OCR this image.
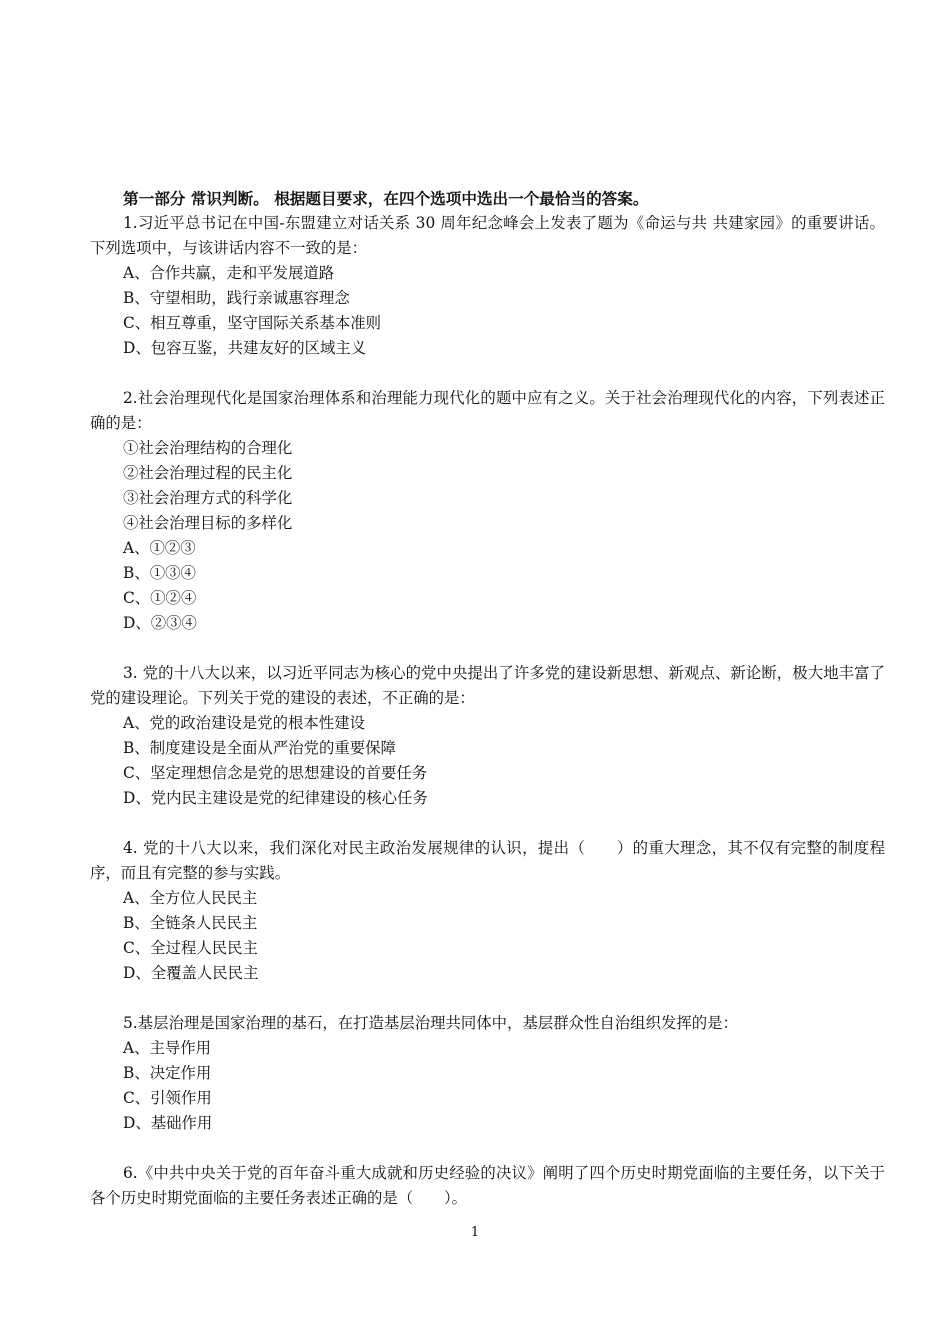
第一部分 常识判断。 根据题目要求，在四个选项中选出一个最恰当的答案。

1.习近平总书记在中国-东盟建立对话关系 30 周年纪念峰会上发表了题为《命运与共 共建家园》的重要讲话。下列选项中，与该讲话内容不一致的是：

A、合作共赢，走和平发展道路

B、守望相助，践行亲诚惠容理念

C、相互尊重，坚守国际关系基本准则

D、包容互鉴，共建友好的区域主义

2.社会治理现代化是国家治理体系和治理能力现代化的题中应有之义。关于社会治理现代化的内容，下列表述正确的是：

①社会治理结构的合理化

②社会治理过程的民主化

③社会治理方式的科学化

④社会治理目标的多样化

A、①②③

B、①③④

C、①②④

D、②③④

3. 党的十八大以来，以习近平同志为核心的党中央提出了许多党的建设新思想、新观点、新论断，极大地丰富了党的建设理论。下列关于党的建设的表述，不正确的是：

A、党的政治建设是党的根本性建设

B、制度建设是全面从严治党的重要保障

C、坚定理想信念是党的思想建设的首要任务

D、党内民主建设是党的纪律建设的核心任务

4. 党的十八大以来，我们深化对民主政治发展规律的认识，提出（　　）的重大理念，其不仅有完整的制度程序，而且有完整的参与实践。

A、全方位人民民主

B、全链条人民民主

C、全过程人民民主

D、全覆盖人民民主

5.基层治理是国家治理的基石，在打造基层治理共同体中，基层群众性自治组织发挥的是：

A、主导作用

B、决定作用

C、引领作用

D、基础作用

6.《中共中央关于党的百年奋斗重大成就和历史经验的决议》阐明了四个历史时期党面临的主要任务，以下关于各个历史时期党面临的主要任务表述正确的是（　　）。

1
